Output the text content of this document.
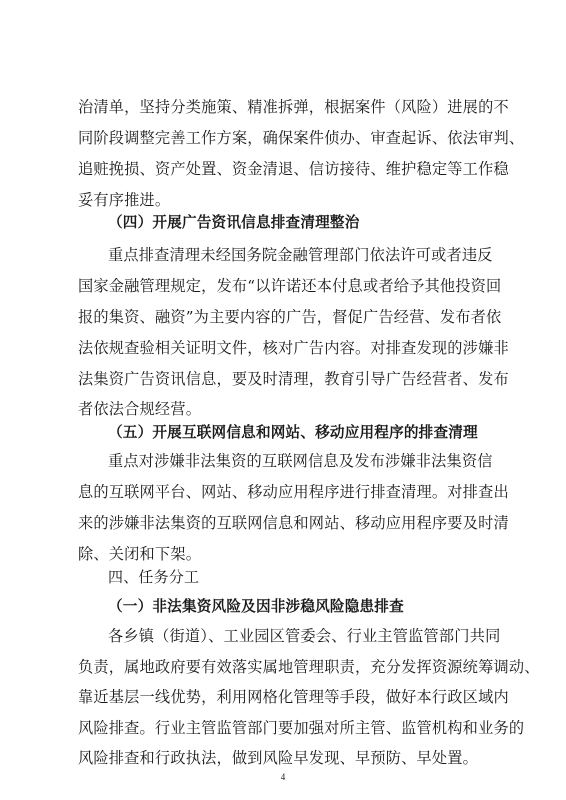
治清单，坚持分类施策、精准拆弹，根据案件（风险）进展的不
同阶段调整完善工作方案，确保案件侦办、审查起诉、依法审判、
追赃挽损、资产处置、资金清退、信访接待、维护稳定等工作稳
妥有序推进。
（四）开展广告资讯信息排查清理整治
重点排查清理未经国务院金融管理部门依法许可或者违反
国家金融管理规定，发布“以许诺还本付息或者给予其他投资回
报的集资、融资”为主要内容的广告，督促广告经营、发布者依
法依规查验相关证明文件，核对广告内容。对排查发现的涉嫌非
法集资广告资讯信息，要及时清理，教育引导广告经营者、发布
者依法合规经营。
（五）开展互联网信息和网站、移动应用程序的排查清理
重点对涉嫌非法集资的互联网信息及发布涉嫌非法集资信
息的互联网平台、网站、移动应用程序进行排查清理。对排查出
来的涉嫌非法集资的互联网信息和网站、移动应用程序要及时清
除、关闭和下架。
四、任务分工
（一）非法集资风险及因非涉稳风险隐患排查
各乡镇（街道）、工业园区管委会、行业主管监管部门共同
负责，属地政府要有效落实属地管理职责，充分发挥资源统筹调动、
靠近基层一线优势，利用网格化管理等手段，做好本行政区域内
风险排查。行业主管监管部门要加强对所主管、监管机构和业务的
风险排查和行政执法，做到风险早发现、早预防、早处置。
4
